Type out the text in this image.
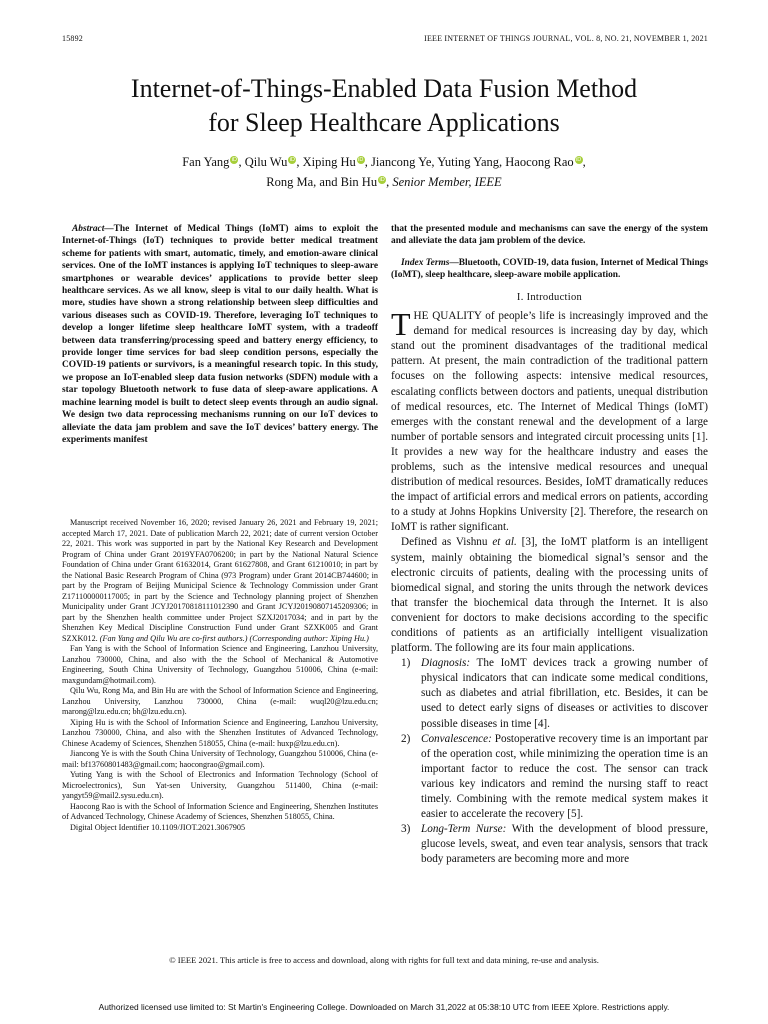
15892	IEEE INTERNET OF THINGS JOURNAL, VOL. 8, NO. 21, NOVEMBER 1, 2021
Internet-of-Things-Enabled Data Fusion Method
for Sleep Healthcare Applications
Fan Yang iD, Qilu Wu iD, Xiping Hu iD, Jiancong Ye, Yuting Yang, Haocong Rao iD,
Rong Ma, and Bin Hu iD, Senior Member, IEEE

Abstract—The Internet of Medical Things (IoMT) aims to exploit the Internet-of-Things (IoT) techniques to provide better medical treatment scheme for patients with smart, automatic, timely, and emotion-aware clinical services. One of the IoMT instances is applying IoT techniques to sleep-aware smartphones or wearable devices’ applications to provide better sleep healthcare services. As we all know, sleep is vital to our daily health. What is more, studies have shown a strong relationship between sleep difficulties and various diseases such as COVID-19. Therefore, leveraging IoT techniques to develop a longer lifetime sleep healthcare IoMT system, with a tradeoff between data transferring/processing speed and battery energy efficiency, to provide longer time services for bad sleep condition persons, especially the COVID-19 patients or survivors, is a meaningful research topic. In this study, we propose an IoT-enabled sleep data fusion networks (SDFN) module with a star topology Bluetooth network to fuse data of sleep-aware applications. A machine learning model is built to detect sleep events through an audio signal. We design two data reprocessing mechanisms running on our IoT devices to alleviate the data jam problem and save the IoT devices’ battery energy. The experiments manifest

Manuscript received November 16, 2020; revised January 26, 2021 and February 19, 2021; accepted March 17, 2021. Date of publication March 22, 2021; date of current version October 22, 2021. This work was supported in part by the National Key Research and Development Program of China under Grant 2019YFA0706200; in part by the National Natural Science Foundation of China under Grant 61632014, Grant 61627808, and Grant 61210010; in part by the National Basic Research Program of China (973 Program) under Grant 2014CB744600; in part by the Program of Beijing Municipal Science & Technology Commission under Grant Z171100000117005; in part by the Science and Technology planning project of Shenzhen Municipality under Grant JCYJ20170818111012390 and Grant JCYJ20190807145209306; in part by the Shenzhen health committee under Project SZXJ2017034; and in part by the Shenzhen Key Medical Discipline Construction Fund under Grant SZXK005 and Grant SZXK012. (Fan Yang and Qilu Wu are co-first authors.) (Corresponding author: Xiping Hu.)

Fan Yang is with the School of Information Science and Engineering, Lanzhou University, Lanzhou 730000, China, and also with the the School of Mechanical & Automotive Engineering, South China University of Technology, Guangzhou 510006, China (e-mail: maxgundam@hotmail.com).

Qilu Wu, Rong Ma, and Bin Hu are with the School of Information Science and Engineering, Lanzhou University, Lanzhou 730000, China (e-mail: wuql20@lzu.edu.cn; marong@lzu.edu.cn; bh@lzu.edu.cn).

Xiping Hu is with the School of Information Science and Engineering, Lanzhou University, Lanzhou 730000, China, and also with the Shenzhen Institutes of Advanced Technology, Chinese Academy of Sciences, Shenzhen 518055, China (e-mail: huxp@lzu.edu.cn).

Jiancong Ye is with the South China University of Technology, Guangzhou 510006, China (e-mail: bf13760801483@gmail.com; haocongrao@gmail.com).

Yuting Yang is with the School of Electronics and Information Technology (School of Microelectronics), Sun Yat-sen University, Guangzhou 511400, China (e-mail: yangyt59@mail2.sysu.edu.cn).

Haocong Rao is with the School of Information Science and Engineering, Shenzhen Institutes of Advanced Technology, Chinese Academy of Sciences, Shenzhen 518055, China.

Digital Object Identifier 10.1109/JIOT.2021.3067905

that the presented module and mechanisms can save the energy of the system and alleviate the data jam problem of the device.

Index Terms—Bluetooth, COVID-19, data fusion, Internet of Medical Things (IoMT), sleep healthcare, sleep-aware mobile application.

I. Introduction

THE QUALITY of people’s life is increasingly improved and the demand for medical resources is increasing day by day, which stand out the prominent disadvantages of the traditional medical pattern. At present, the main contradiction of the traditional pattern focuses on the following aspects: intensive medical resources, escalating conflicts between doctors and patients, unequal distribution of medical resources, etc. The Internet of Medical Things (IoMT) emerges with the constant renewal and the development of a large number of portable sensors and integrated circuit processing units [1]. It provides a new way for the healthcare industry and eases the problems, such as the intensive medical resources and unequal distribution of medical resources. Besides, IoMT dramatically reduces the impact of artificial errors and medical errors on patients, according to a study at Johns Hopkins University [2]. Therefore, the research on IoMT is rather significant.

Defined as Vishnu et al. [3], the IoMT platform is an intelligent system, mainly obtaining the biomedical signal’s sensor and the electronic circuits of patients, dealing with the processing units of biomedical signal, and storing the units through the network devices that transfer the biochemical data through the Internet. It is also convenient for doctors to make decisions according to the specific conditions of patients as an artificially intelligent visualization platform. The following are its four main applications.

1) Diagnosis: The IoMT devices track a growing number of physical indicators that can indicate some medical conditions, such as diabetes and atrial fibrillation, etc. Besides, it can be used to detect early signs of diseases or activities to discover possible diseases in time [4].
2) Convalescence: Postoperative recovery time is an important par of the operation cost, while minimizing the operation time is an important factor to reduce the cost. The sensor can track various key indicators and remind the nursing staff to react timely. Combining with the remote medical system makes it easier to accelerate the recovery [5].
3) Long-Term Nurse: With the development of blood pressure, glucose levels, sweat, and even tear analysis, sensors that track body parameters are becoming more and more
© IEEE 2021. This article is free to access and download, along with rights for full text and data mining, re-use and analysis.
Authorized licensed use limited to: St Martin's Engineering College. Downloaded on March 31,2022 at 05:38:10 UTC from IEEE Xplore. Restrictions apply.
